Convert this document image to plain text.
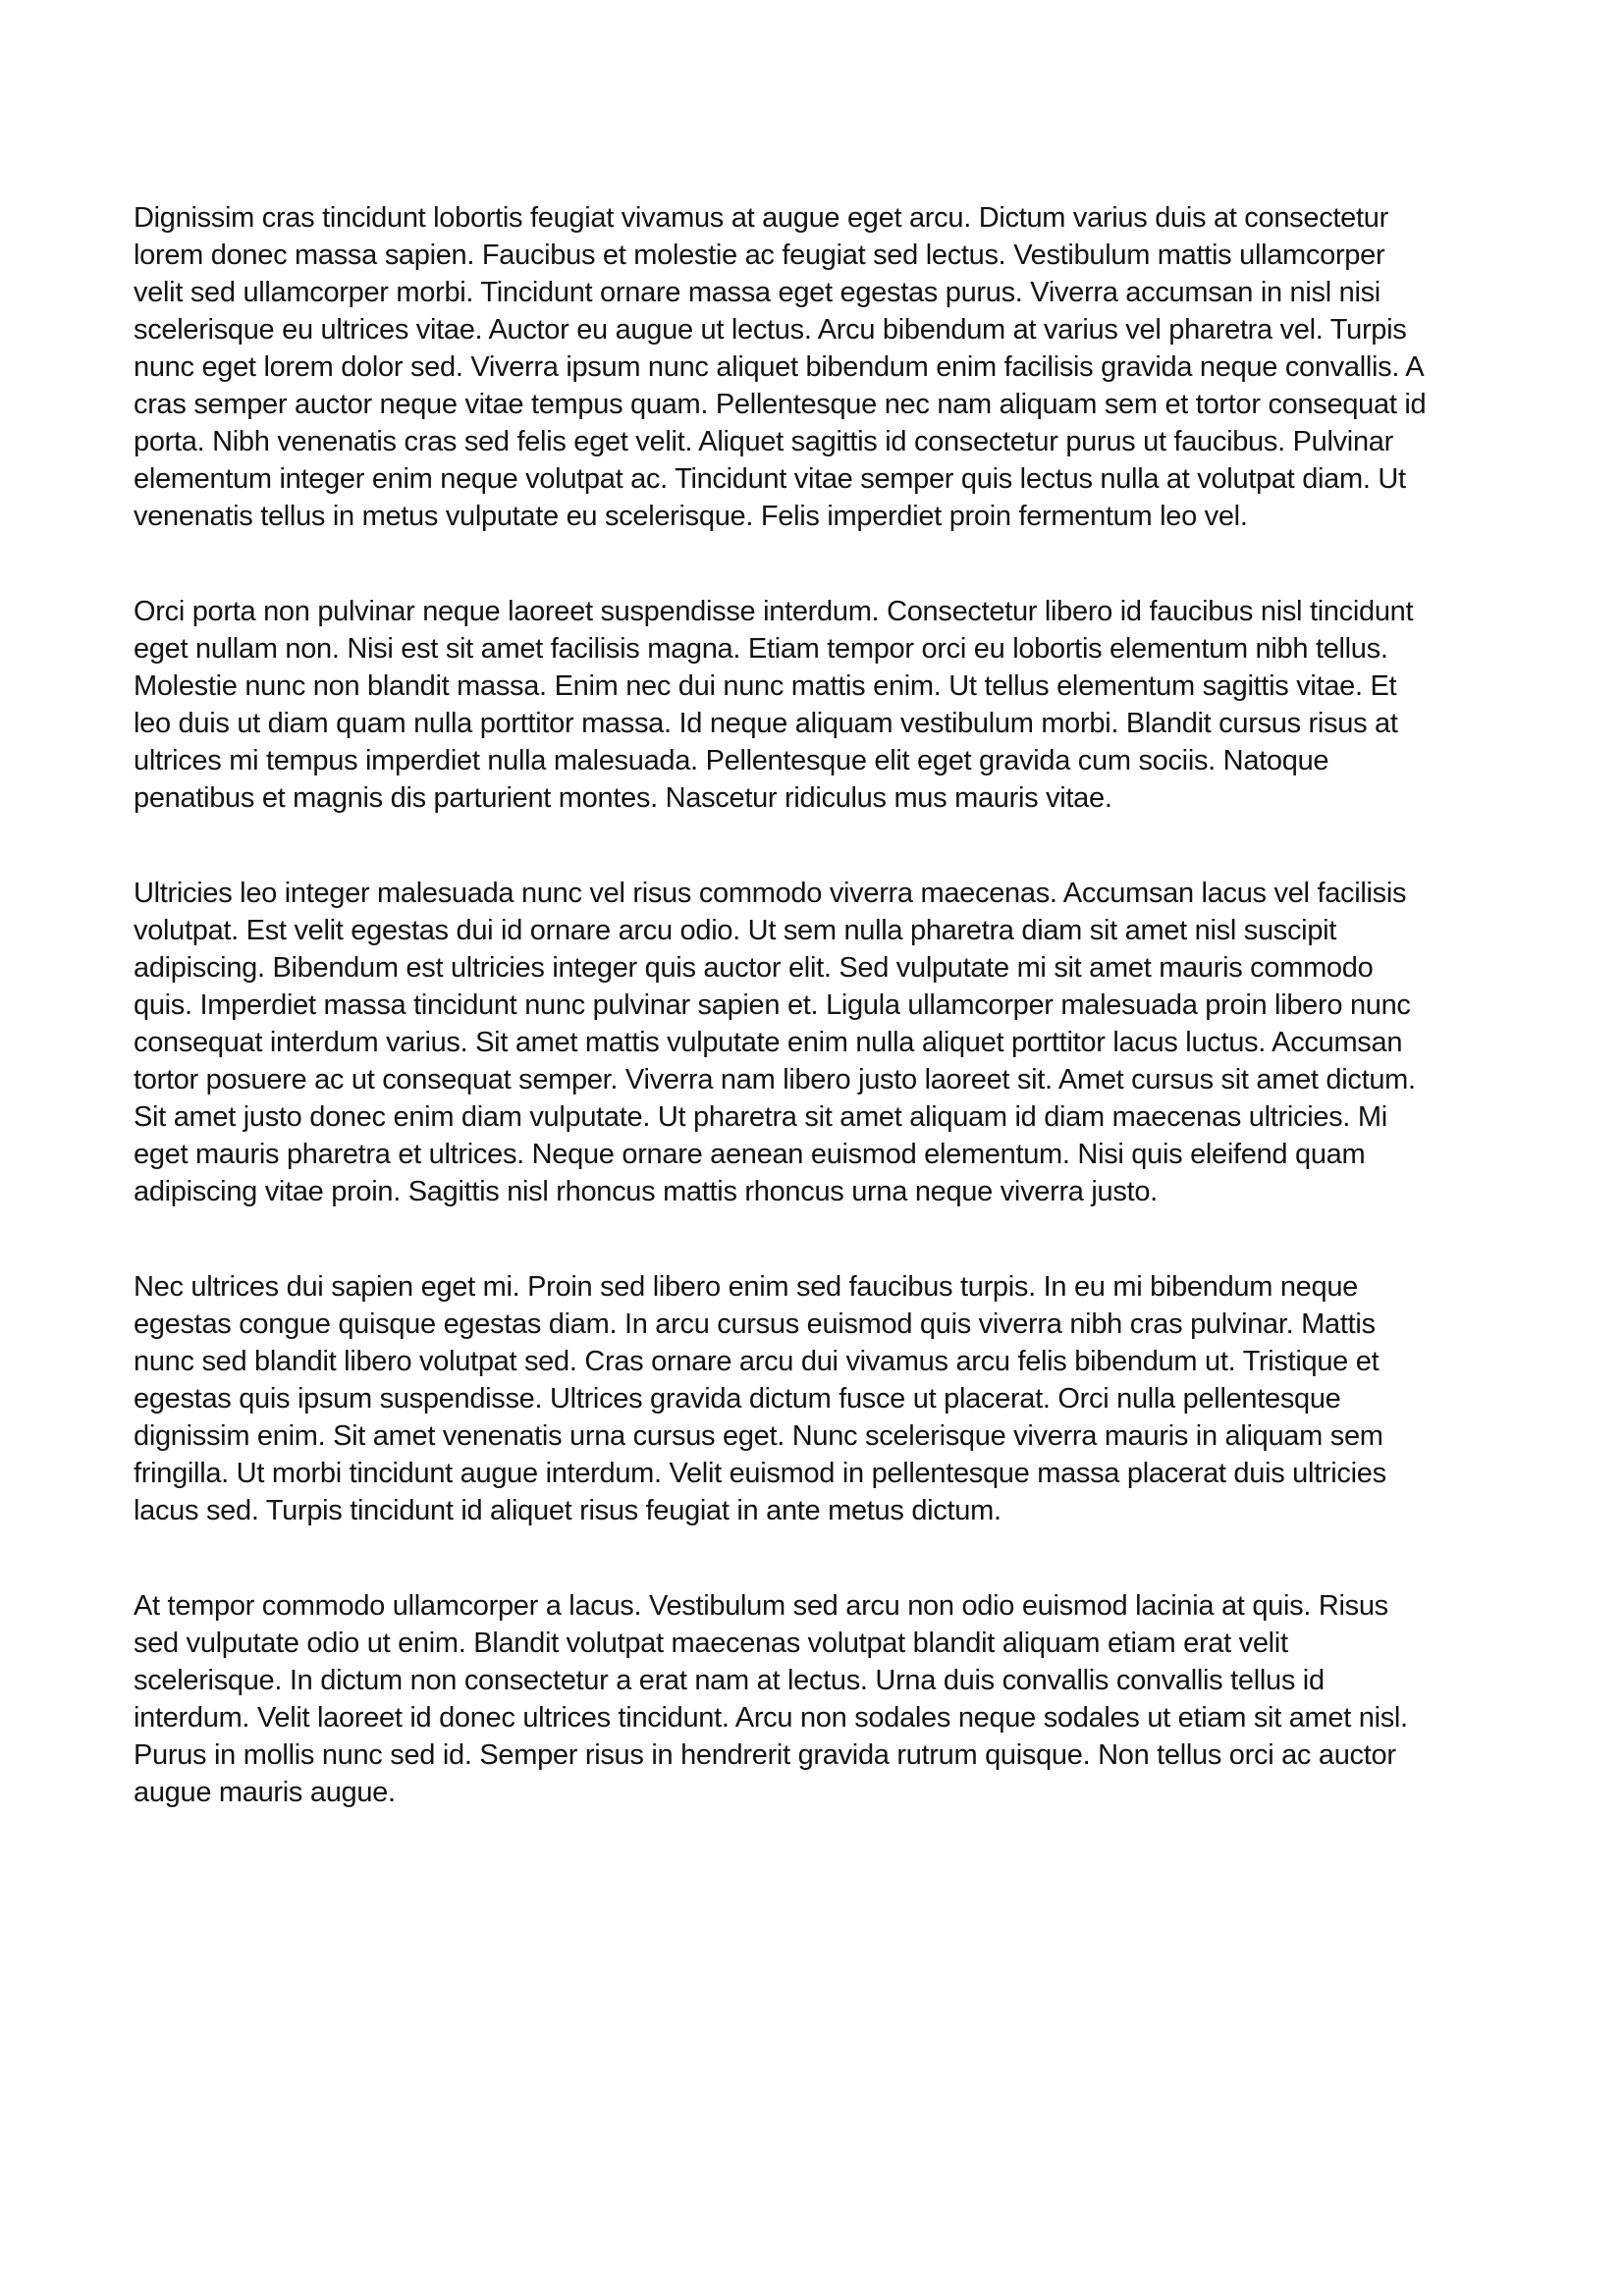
Dignissim cras tincidunt lobortis feugiat vivamus at augue eget arcu. Dictum varius duis at consectetur lorem donec massa sapien. Faucibus et molestie ac feugiat sed lectus. Vestibulum mattis ullamcorper velit sed ullamcorper morbi. Tincidunt ornare massa eget egestas purus. Viverra accumsan in nisl nisi scelerisque eu ultrices vitae. Auctor eu augue ut lectus. Arcu bibendum at varius vel pharetra vel. Turpis nunc eget lorem dolor sed. Viverra ipsum nunc aliquet bibendum enim facilisis gravida neque convallis. A cras semper auctor neque vitae tempus quam. Pellentesque nec nam aliquam sem et tortor consequat id porta. Nibh venenatis cras sed felis eget velit. Aliquet sagittis id consectetur purus ut faucibus. Pulvinar elementum integer enim neque volutpat ac. Tincidunt vitae semper quis lectus nulla at volutpat diam. Ut venenatis tellus in metus vulputate eu scelerisque. Felis imperdiet proin fermentum leo vel.

Orci porta non pulvinar neque laoreet suspendisse interdum. Consectetur libero id faucibus nisl tincidunt eget nullam non. Nisi est sit amet facilisis magna. Etiam tempor orci eu lobortis elementum nibh tellus. Molestie nunc non blandit massa. Enim nec dui nunc mattis enim. Ut tellus elementum sagittis vitae. Et leo duis ut diam quam nulla porttitor massa. Id neque aliquam vestibulum morbi. Blandit cursus risus at ultrices mi tempus imperdiet nulla malesuada. Pellentesque elit eget gravida cum sociis. Natoque penatibus et magnis dis parturient montes. Nascetur ridiculus mus mauris vitae.

Ultricies leo integer malesuada nunc vel risus commodo viverra maecenas. Accumsan lacus vel facilisis volutpat. Est velit egestas dui id ornare arcu odio. Ut sem nulla pharetra diam sit amet nisl suscipit adipiscing. Bibendum est ultricies integer quis auctor elit. Sed vulputate mi sit amet mauris commodo quis. Imperdiet massa tincidunt nunc pulvinar sapien et. Ligula ullamcorper malesuada proin libero nunc consequat interdum varius. Sit amet mattis vulputate enim nulla aliquet porttitor lacus luctus. Accumsan tortor posuere ac ut consequat semper. Viverra nam libero justo laoreet sit. Amet cursus sit amet dictum. Sit amet justo donec enim diam vulputate. Ut pharetra sit amet aliquam id diam maecenas ultricies. Mi eget mauris pharetra et ultrices. Neque ornare aenean euismod elementum. Nisi quis eleifend quam adipiscing vitae proin. Sagittis nisl rhoncus mattis rhoncus urna neque viverra justo.

Nec ultrices dui sapien eget mi. Proin sed libero enim sed faucibus turpis. In eu mi bibendum neque egestas congue quisque egestas diam. In arcu cursus euismod quis viverra nibh cras pulvinar. Mattis nunc sed blandit libero volutpat sed. Cras ornare arcu dui vivamus arcu felis bibendum ut. Tristique et egestas quis ipsum suspendisse. Ultrices gravida dictum fusce ut placerat. Orci nulla pellentesque dignissim enim. Sit amet venenatis urna cursus eget. Nunc scelerisque viverra mauris in aliquam sem fringilla. Ut morbi tincidunt augue interdum. Velit euismod in pellentesque massa placerat duis ultricies lacus sed. Turpis tincidunt id aliquet risus feugiat in ante metus dictum.

At tempor commodo ullamcorper a lacus. Vestibulum sed arcu non odio euismod lacinia at quis. Risus sed vulputate odio ut enim. Blandit volutpat maecenas volutpat blandit aliquam etiam erat velit scelerisque. In dictum non consectetur a erat nam at lectus. Urna duis convallis convallis tellus id interdum. Velit laoreet id donec ultrices tincidunt. Arcu non sodales neque sodales ut etiam sit amet nisl. Purus in mollis nunc sed id. Semper risus in hendrerit gravida rutrum quisque. Non tellus orci ac auctor augue mauris augue.
